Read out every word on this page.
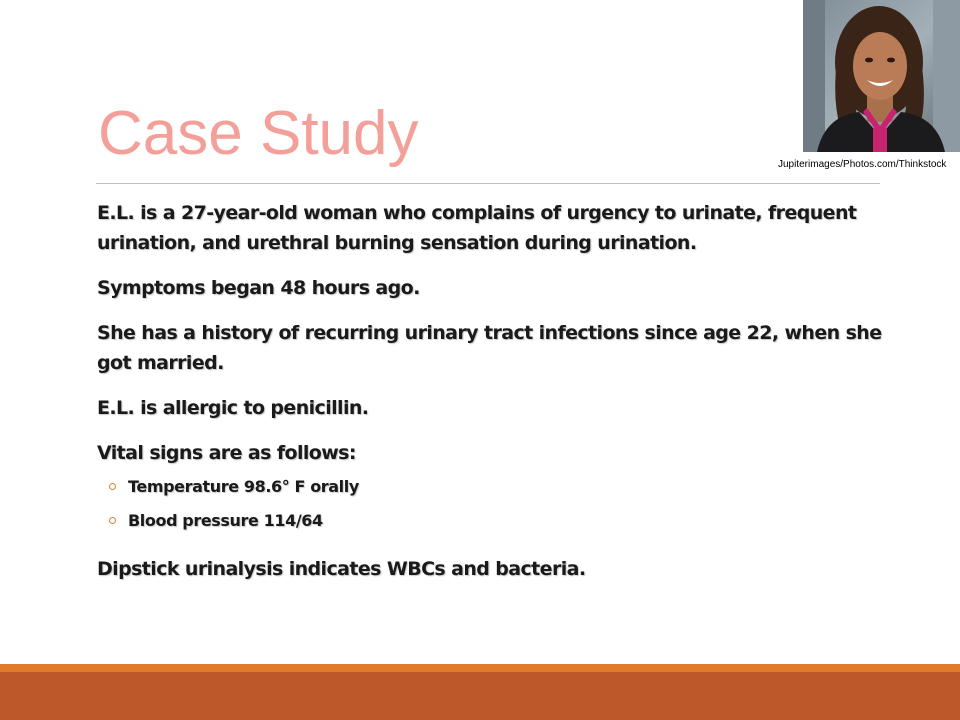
Jupiterimages/Photos.com/Thinkstock
Case Study

E.L. is a 27-year-old woman who complains of urgency to urinate, frequent urination, and urethral burning sensation during urination.

Symptoms began 48 hours ago.

She has a history of recurring urinary tract infections since age 22, when she got married.

E.L. is allergic to penicillin.

Vital signs are as follows:

Temperature 98.6° F orally
Blood pressure 114/64

Dipstick urinalysis indicates WBCs and bacteria.
